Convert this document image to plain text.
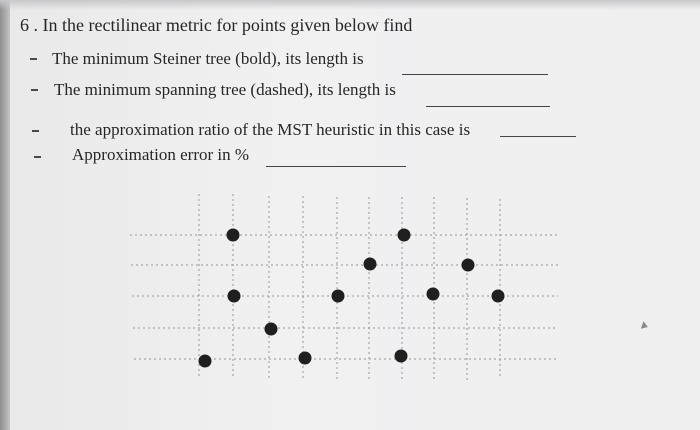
6 . In the rectilinear metric for points given below find
The minimum Steiner tree (bold), its length is
The minimum spanning tree (dashed), its length is
the approximation ratio of the MST heuristic in this case is
Approximation error in %
